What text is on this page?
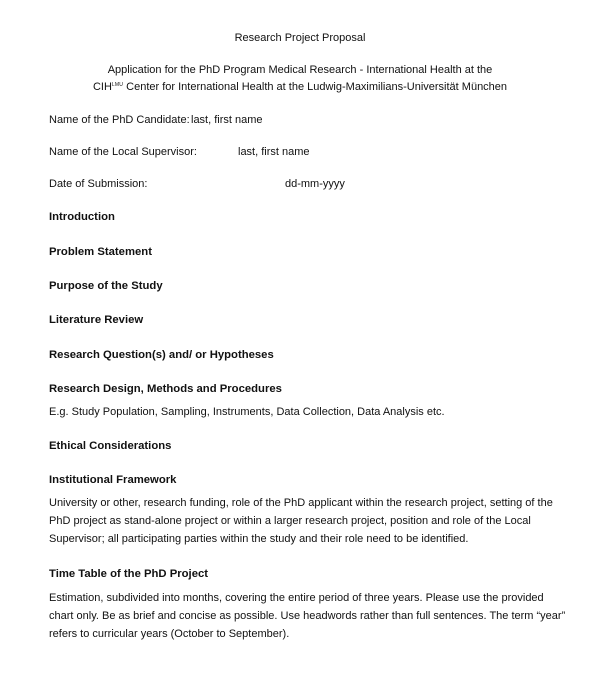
Research Project Proposal
Application for the PhD Program Medical Research - International Health at the
$CIH^{LMU}$ Center for International Health at the Ludwig-Maximilians-Universität München
Name of the PhD Candidate: last, first name
Name of the Local Supervisor:	last, first name
Date of Submission:	dd-mm-yyyy
Introduction
Problem Statement
Purpose of the Study
Literature Review
Research Question(s) and/ or Hypotheses
Research Design, Methods and Procedures
E.g. Study Population, Sampling, Instruments, Data Collection, Data Analysis etc.
Ethical Considerations
Institutional Framework
University or other, research funding, role of the PhD applicant within the research project, setting of the
PhD project as stand-alone project or within a larger research project, position and role of the Local
Supervisor; all participating parties within the study and their role need to be identified.
Time Table of the PhD Project
Estimation, subdivided into months, covering the entire period of three years. Please use the provided
chart only. Be as brief and concise as possible. Use headwords rather than full sentences. The term “year”
refers to curricular years (October to September).
